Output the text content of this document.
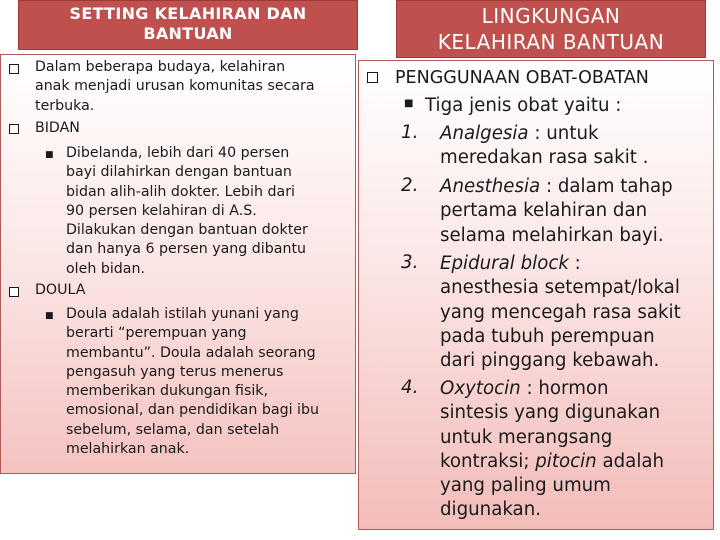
SETTING KELAHIRAN DAN
BANTUAN
LINGKUNGAN
KELAHIRAN BANTUAN
Dalam beberapa budaya, kelahiran
anak menjadi urusan komunitas secara
terbuka.
BIDAN
■ Dibelanda, lebih dari 40 persen
bayi dilahirkan dengan bantuan
bidan alih-alih dokter. Lebih dari
90 persen kelahiran di A.S.
Dilakukan dengan bantuan dokter
dan hanya 6 persen yang dibantu
oleh bidan.
DOULA
■ Doula adalah istilah yunani yang
berarti “perempuan yang
membantu”. Doula adalah seorang
pengasuh yang terus menerus
memberikan dukungan fisik,
emosional, dan pendidikan bagi ibu
sebelum, selama, dan setelah
melahirkan anak.
PENGGUNAAN OBAT-OBATAN
■ Tiga jenis obat yaitu :
1. Analgesia : untuk
meredakan rasa sakit .
2. Anesthesia : dalam tahap
pertama kelahiran dan
selama melahirkan bayi.
3. Epidural block :
anesthesia setempat/lokal
yang mencegah rasa sakit
pada tubuh perempuan
dari pinggang kebawah.
4. Oxytocin : hormon
sintesis yang digunakan
untuk merangsang
kontraksi; pitocin adalah
yang paling umum
digunakan.
